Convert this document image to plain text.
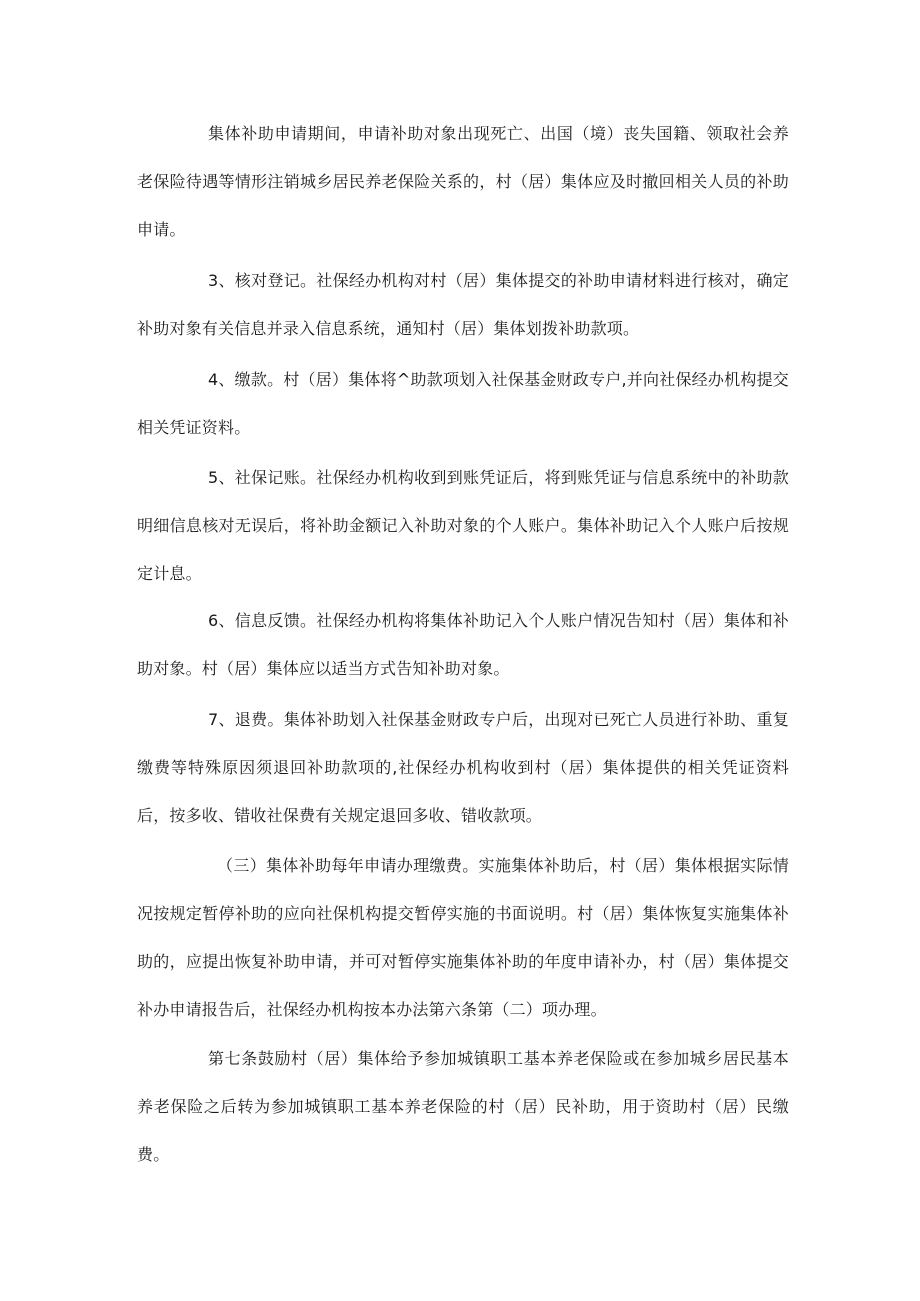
集体补助申请期间，申请补助对象出现死亡、出国（境）丧失国籍、领取社会养老保险待遇等情形注销城乡居民养老保险关系的，村（居）集体应及时撤回相关人员的补助申请。

3、核对登记。社保经办机构对村（居）集体提交的补助申请材料进行核对，确定补助对象有关信息并录入信息系统，通知村（居）集体划拨补助款项。

4、缴款。村（居）集体将^助款项划入社保基金财政专户,并向社保经办机构提交相关凭证资料。

5、社保记账。社保经办机构收到到账凭证后，将到账凭证与信息系统中的补助款明细信息核对无误后，将补助金额记入补助对象的个人账户。集体补助记入个人账户后按规定计息。

6、信息反馈。社保经办机构将集体补助记入个人账户情况告知村（居）集体和补助对象。村（居）集体应以适当方式告知补助对象。

7、退费。集体补助划入社保基金财政专户后，出现对已死亡人员进行补助、重复缴费等特殊原因须退回补助款项的,社保经办机构收到村（居）集体提供的相关凭证资料后，按多收、错收社保费有关规定退回多收、错收款项。

（三）集体补助每年申请办理缴费。实施集体补助后，村（居）集体根据实际情况按规定暂停补助的应向社保机构提交暂停实施的书面说明。村（居）集体恢复实施集体补助的，应提出恢复补助申请，并可对暂停实施集体补助的年度申请补办，村（居）集体提交补办申请报告后，社保经办机构按本办法第六条第（二）项办理。

第七条鼓励村（居）集体给予参加城镇职工基本养老保险或在参加城乡居民基本养老保险之后转为参加城镇职工基本养老保险的村（居）民补助，用于资助村（居）民缴费。
